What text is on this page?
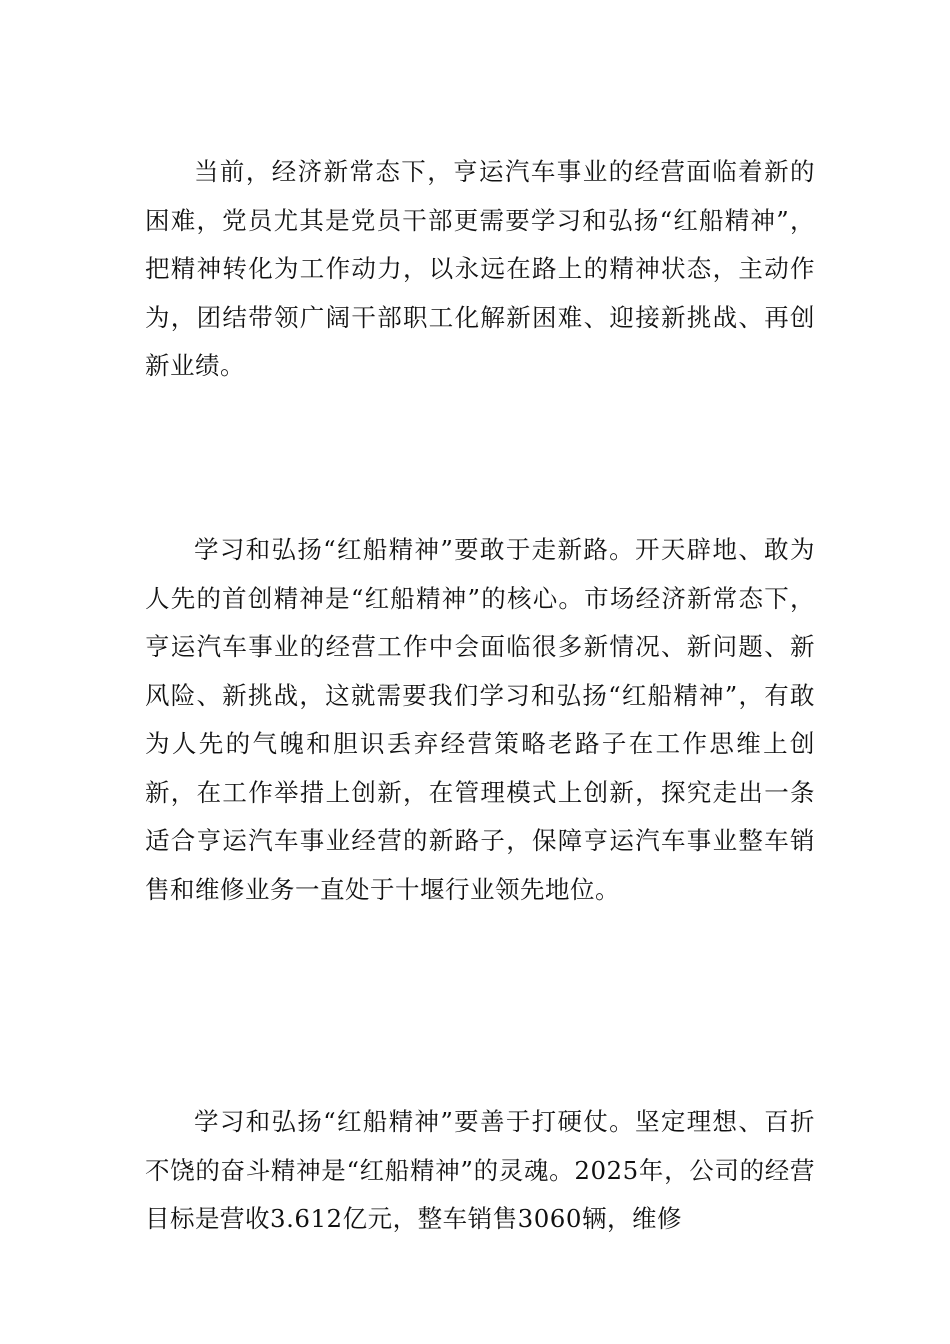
当前，经济新常态下，亨运汽车事业的经营面临着新的困难，党员尤其是党员干部更需要学习和弘扬“红船精神”，把精神转化为工作动力，以永远在路上的精神状态，主动作为，团结带领广阔干部职工化解新困难、迎接新挑战、再创新业绩。

学习和弘扬“红船精神”要敢于走新路。开天辟地、敢为人先的首创精神是“红船精神”的核心。市场经济新常态下，亨运汽车事业的经营工作中会面临很多新情况、新问题、新风险、新挑战，这就需要我们学习和弘扬“红船精神”，有敢为人先的气魄和胆识丢弃经营策略老路子在工作思维上创新，在工作举措上创新，在管理模式上创新，探究走出一条适合亨运汽车事业经营的新路子，保障亨运汽车事业整车销售和维修业务一直处于十堰行业领先地位。

学习和弘扬“红船精神”要善于打硬仗。坚定理想、百折不饶的奋斗精神是“红船精神”的灵魂。2025年，公司的经营目标是营收3.612亿元，整车销售3060辆，维修
